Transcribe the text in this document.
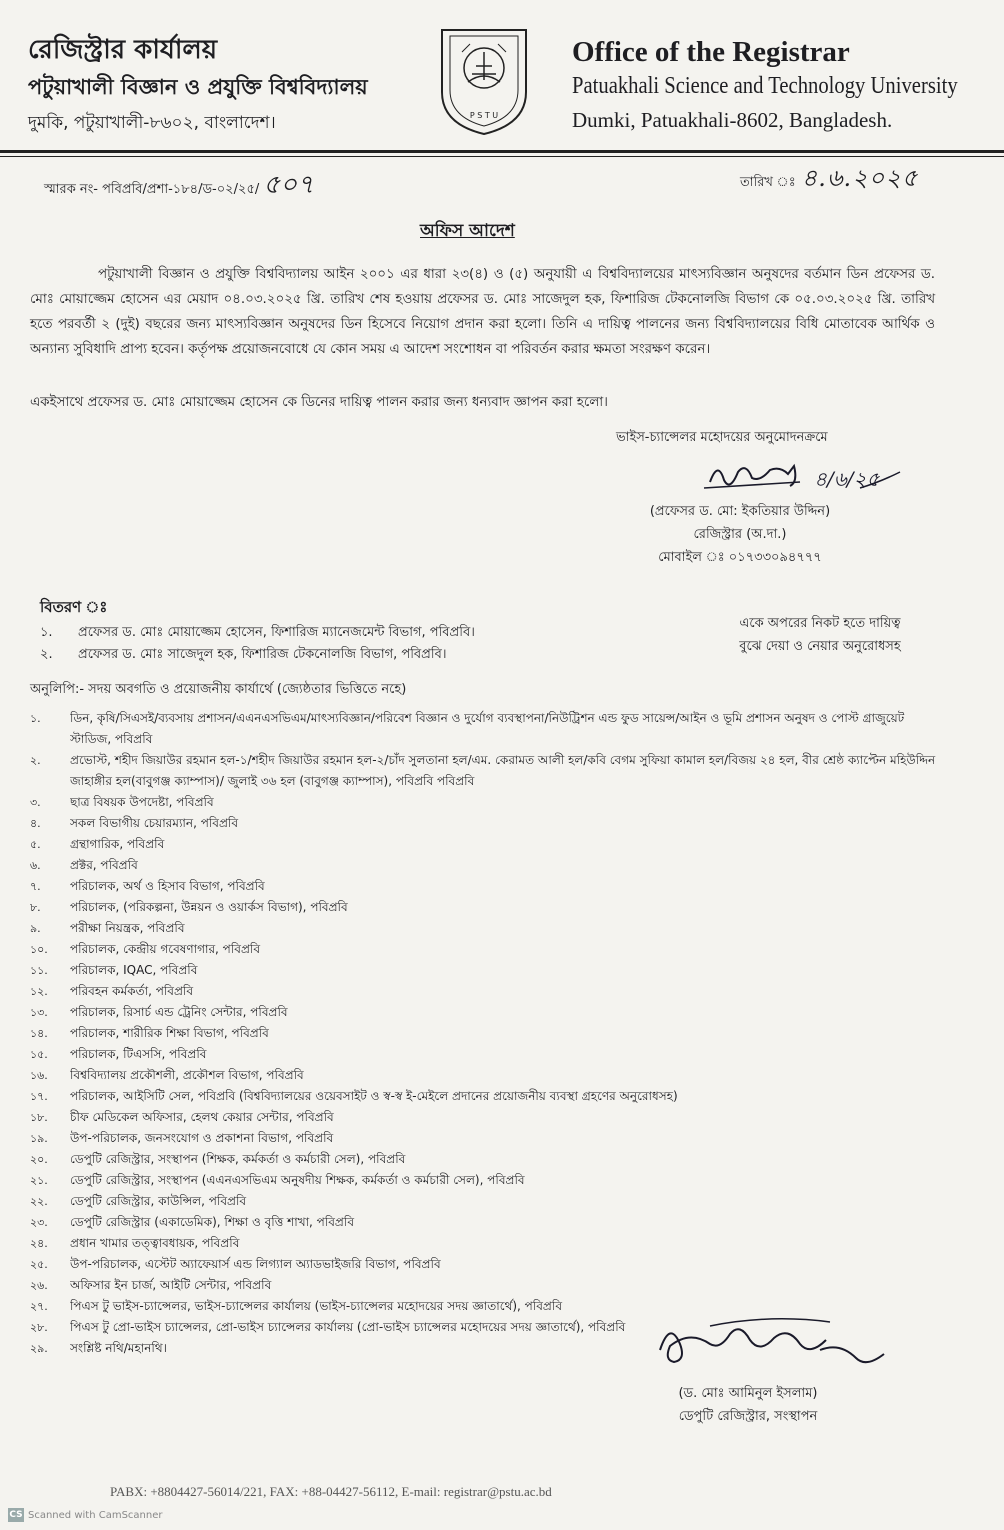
রেজিস্ট্রার কার্যালয়
পটুয়াখালী বিজ্ঞান ও প্রযুক্তি বিশ্ববিদ্যালয়
দুমকি, পটুয়াখালী-৮৬০২, বাংলাদেশ।	P S T U
Office of the Registrar
Patuakhali Science and Technology University
Dumki, Patuakhali-8602, Bangladesh.
স্মারক নং- পবিপ্রবি/প্রশা-১৮৪/ড-০২/২৫/ ৫০৭	তারিখ ঃ ৪.৬.২০২৫
অফিস আদেশ
পটুয়াখালী বিজ্ঞান ও প্রযুক্তি বিশ্ববিদ্যালয় আইন ২০০১ এর ধারা ২৩(৪) ও (৫) অনুযায়ী এ বিশ্ববিদ্যালয়ের মাৎস্যবিজ্ঞান অনুষদের বর্তমান ডিন প্রফেসর ড. মোঃ মোয়াজ্জেম হোসেন এর মেয়াদ ০৪.০৩.২০২৫ খ্রি. তারিখ শেষ হওয়ায় প্রফেসর ড. মোঃ সাজেদুল হক, ফিশারিজ টেকনোলজি বিভাগ কে ০৫.০৩.২০২৫ খ্রি. তারিখ হতে পরবর্তী ২ (দুই) বছরের জন্য মাৎস্যবিজ্ঞান অনুষদের ডিন হিসেবে নিয়োগ প্রদান করা হলো। তিনি এ দায়িত্ব পালনের জন্য বিশ্ববিদ্যালয়ের বিধি মোতাবেক আর্থিক ও অন্যান্য সুবিধাদি প্রাপ্য হবেন। কর্তৃপক্ষ প্রয়োজনবোধে যে কোন সময় এ আদেশ সংশোধন বা পরিবর্তন করার ক্ষমতা সংরক্ষণ করেন।
একইসাথে প্রফেসর ড. মোঃ মোয়াজ্জেম হোসেন কে ডিনের দায়িত্ব পালন করার জন্য ধন্যবাদ জ্ঞাপন করা হলো।
ভাইস-চ্যান্সেলর মহোদয়ের অনুমোদনক্রমে
৪/৬/২৫
(প্রফেসর ড. মো: ইকতিয়ার উদ্দিন)
রেজিস্ট্রার (অ.দা.)
মোবাইল ঃ ০১৭৩৩০৯৪৭৭৭
বিতরণ ঃ
১.	প্রফেসর ড. মোঃ মোয়াজ্জেম হোসেন, ফিশারিজ ম্যানেজমেন্ট বিভাগ, পবিপ্রবি।
২.	প্রফেসর ড. মোঃ সাজেদুল হক, ফিশারিজ টেকনোলজি বিভাগ, পবিপ্রবি।
একে অপরের নিকট হতে দায়িত্ব
বুঝে দেয়া ও নেয়ার অনুরোধসহ
অনুলিপি:- সদয় অবগতি ও প্রয়োজনীয় কার্যার্থে (জ্যেষ্ঠতার ভিত্তিতে নহে)
১.	ডিন, কৃষি/সিএসই/ব্যবসায় প্রশাসন/এএনএসভিএম/মাৎস্যবিজ্ঞান/পরিবেশ বিজ্ঞান ও দুর্যোগ ব্যবস্থাপনা/নিউট্রিশন এন্ড ফুড সায়েন্স/আইন ও ভূমি প্রশাসন অনুষদ ও পোস্ট গ্রাজুয়েট স্টাডিজ, পবিপ্রবি
২.	প্রভোস্ট, শহীদ জিয়াউর রহমান হল-১/শহীদ জিয়াউর রহমান হল-২/চাঁদ সুলতানা হল/এম. কেরামত আলী হল/কবি বেগম সুফিয়া কামাল হল/বিজয় ২৪ হল, বীর শ্রেষ্ঠ ক্যাপ্টেন মহিউদ্দিন জাহাঙ্গীর হল(বাবুগঞ্জ ক্যাম্পাস)/ জুলাই ৩৬ হল (বাবুগঞ্জ ক্যাম্পাস), পবিপ্রবি পবিপ্রবি
৩.	ছাত্র বিষয়ক উপদেষ্টা, পবিপ্রবি
৪.	সকল বিভাগীয় চেয়ারম্যান, পবিপ্রবি
৫.	গ্রন্থাগারিক, পবিপ্রবি
৬.	প্রক্টর, পবিপ্রবি
৭.	পরিচালক, অর্থ ও হিসাব বিভাগ, পবিপ্রবি
৮.	পরিচালক, (পরিকল্পনা, উন্নয়ন ও ওয়ার্কস বিভাগ), পবিপ্রবি
৯.	পরীক্ষা নিয়ন্ত্রক, পবিপ্রবি
১০.	পরিচালক, কেন্দ্রীয় গবেষণাগার, পবিপ্রবি
১১.	পরিচালক, IQAC, পবিপ্রবি
১২.	পরিবহন কর্মকর্তা, পবিপ্রবি
১৩.	পরিচালক, রিসার্চ এন্ড ট্রেনিং সেন্টার, পবিপ্রবি
১৪.	পরিচালক, শারীরিক শিক্ষা বিভাগ, পবিপ্রবি
১৫.	পরিচালক, টিএসসি, পবিপ্রবি
১৬.	বিশ্ববিদ্যালয় প্রকৌশলী, প্রকৌশল বিভাগ, পবিপ্রবি
১৭.	পরিচালক, আইসিটি সেল, পবিপ্রবি (বিশ্ববিদ্যালয়ের ওয়েবসাইট ও স্ব-স্ব ই-মেইলে প্রদানের প্রয়োজনীয় ব্যবস্থা গ্রহণের অনুরোধসহ)
১৮.	চীফ মেডিকেল অফিসার, হেলথ কেয়ার সেন্টার, পবিপ্রবি
১৯.	উপ-পরিচালক, জনসংযোগ ও প্রকাশনা বিভাগ, পবিপ্রবি
২০.	ডেপুটি রেজিস্ট্রার, সংস্থাপন (শিক্ষক, কর্মকর্তা ও কর্মচারী সেল), পবিপ্রবি
২১.	ডেপুটি রেজিস্ট্রার, সংস্থাপন (এএনএসভিএম অনুষদীয় শিক্ষক, কর্মকর্তা ও কর্মচারী সেল), পবিপ্রবি
২২.	ডেপুটি রেজিস্ট্রার, কাউন্সিল, পবিপ্রবি
২৩.	ডেপুটি রেজিস্ট্রার (একাডেমিক), শিক্ষা ও বৃত্তি শাখা, পবিপ্রবি
২৪.	প্রধান খামার তত্ত্বাবধায়ক, পবিপ্রবি
২৫.	উপ-পরিচালক, এস্টেট অ্যাফেয়ার্স এন্ড লিগ্যাল অ্যাডভাইজরি বিভাগ, পবিপ্রবি
২৬.	অফিসার ইন চার্জ, আইটি সেন্টার, পবিপ্রবি
২৭.	পিএস টু ভাইস-চ্যান্সেলর, ভাইস-চ্যান্সেলর কার্যালয় (ভাইস-চ্যান্সেলর মহোদয়ের সদয় জ্ঞাতার্থে), পবিপ্রবি
২৮.	পিএস টু প্রো-ভাইস চ্যান্সেলর, প্রো-ভাইস চ্যান্সেলর কার্যালয় (প্রো-ভাইস চ্যান্সেলর মহোদয়ের সদয় জ্ঞাতার্থে), পবিপ্রবি
২৯.	সংশ্লিষ্ট নথি/মহানথি।
(ড. মোঃ আমিনুল ইসলাম)
ডেপুটি রেজিস্ট্রার, সংস্থাপন
PABX: +8804427-56014/221, FAX: +88-04427-56112, E-mail: registrar@pstu.ac.bd
CS Scanned with CamScanner
